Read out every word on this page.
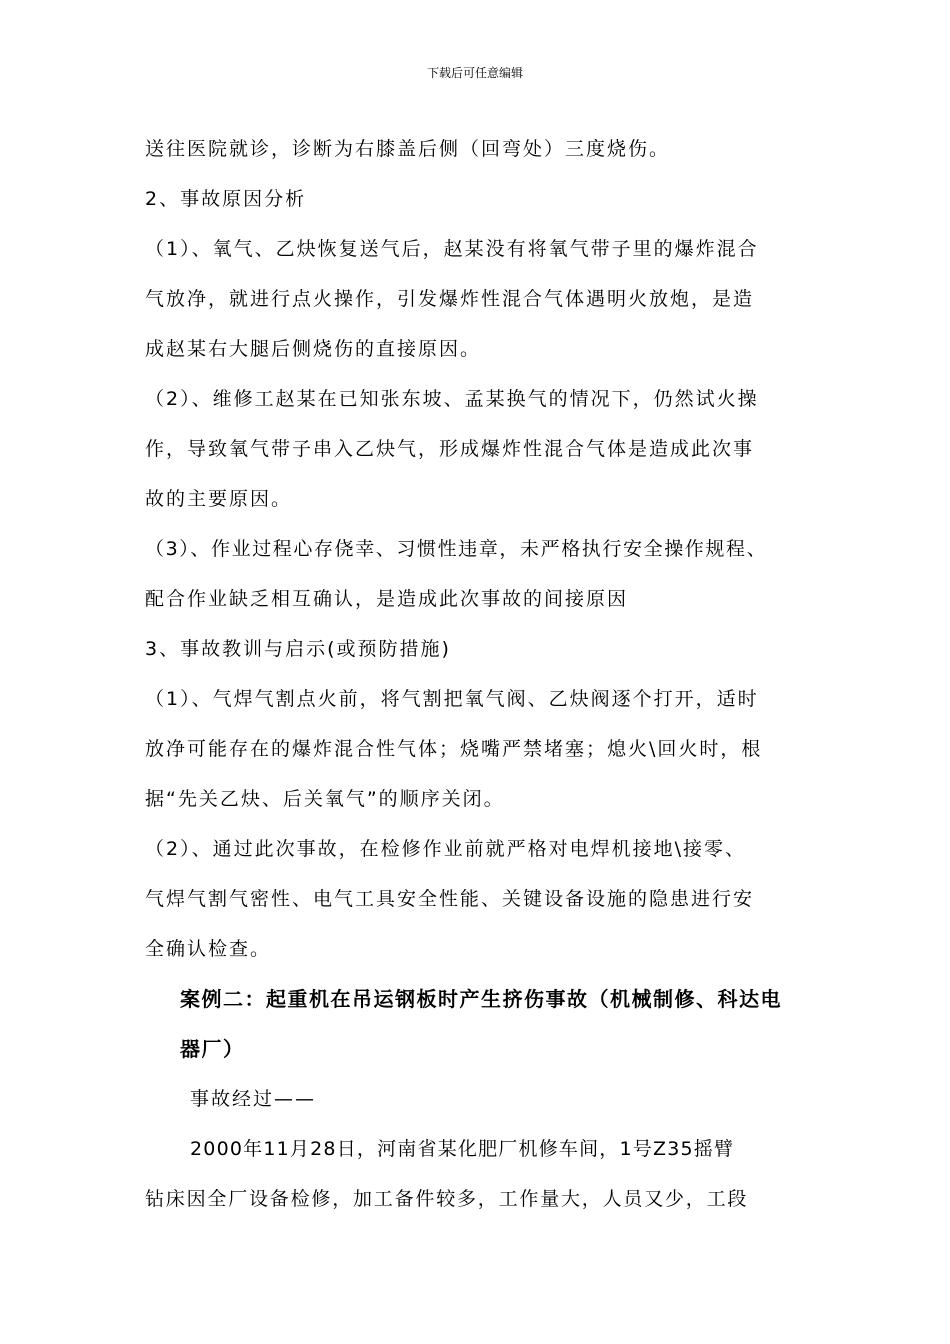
下载后可任意编辑
送往医院就诊，诊断为右膝盖后侧（回弯处）三度烧伤。
2、事故原因分析
（1）、氧气、乙炔恢复送气后，赵某没有将氧气带子里的爆炸混合
气放净，就进行点火操作，引发爆炸性混合气体遇明火放炮，是造
成赵某右大腿后侧烧伤的直接原因。
（2）、维修工赵某在已知张东坡、孟某换气的情况下，仍然试火操
作，导致氧气带子串入乙炔气，形成爆炸性混合气体是造成此次事
故的主要原因。
（3）、作业过程心存侥幸、习惯性违章，未严格执行安全操作规程、
配合作业缺乏相互确认，是造成此次事故的间接原因
3、事故教训与启示(或预防措施)
（1）、气焊气割点火前，将气割把氧气阀、乙炔阀逐个打开，适时
放净可能存在的爆炸混合性气体；烧嘴严禁堵塞；熄火\回火时，根
据“先关乙炔、后关氧气”的顺序关闭。
（2）、通过此次事故，在检修作业前就严格对电焊机接地\接零、
气焊气割气密性、电气工具安全性能、关键设备设施的隐患进行安
全确认检查。
案例二：起重机在吊运钢板时产生挤伤事故（机械制修、科达电
器厂）
事故经过——
2000年11月28日，河南省某化肥厂机修车间，1号Z35摇臂
钻床因全厂设备检修，加工备件较多，工作量大，人员又少，工段
